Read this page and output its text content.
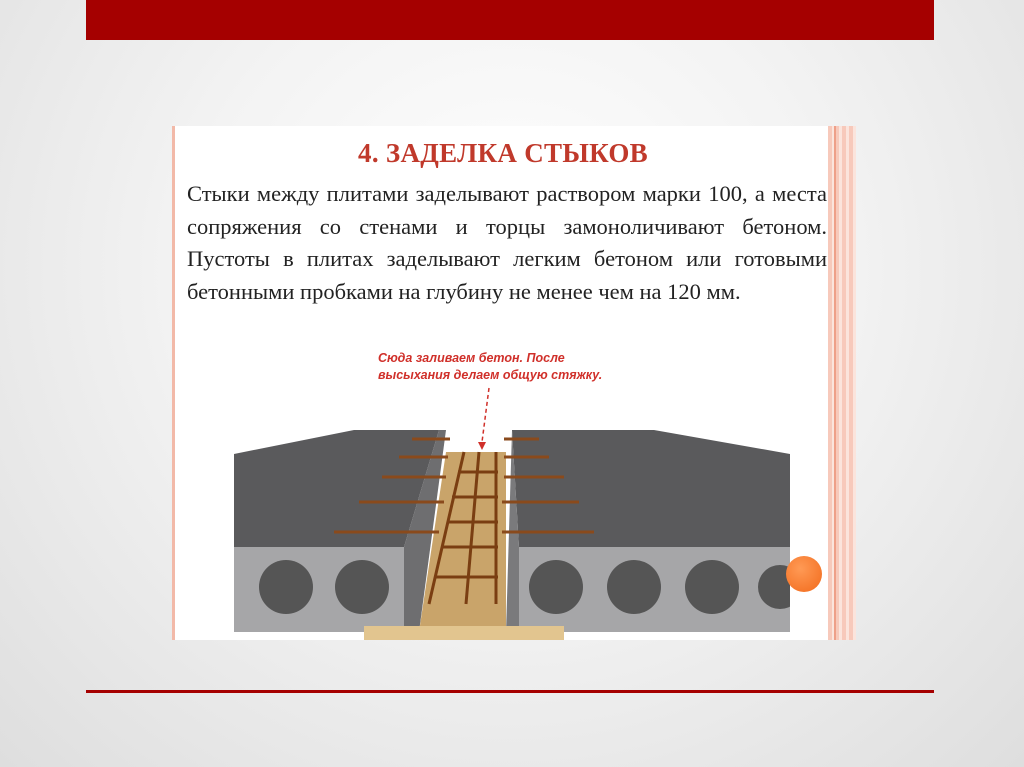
4. ЗАДЕЛКА СТЫКОВ
Стыки между плитами заделывают раствором марки 100, а места сопряжения со стенами и торцы замоноличивают бетоном. Пустоты в плитах заделывают легким бетоном или готовыми бетонными пробками на глубину не менее чем на 120 мм.
Сюда заливаем бетон. После
высыхания делаем общую стяжку.
